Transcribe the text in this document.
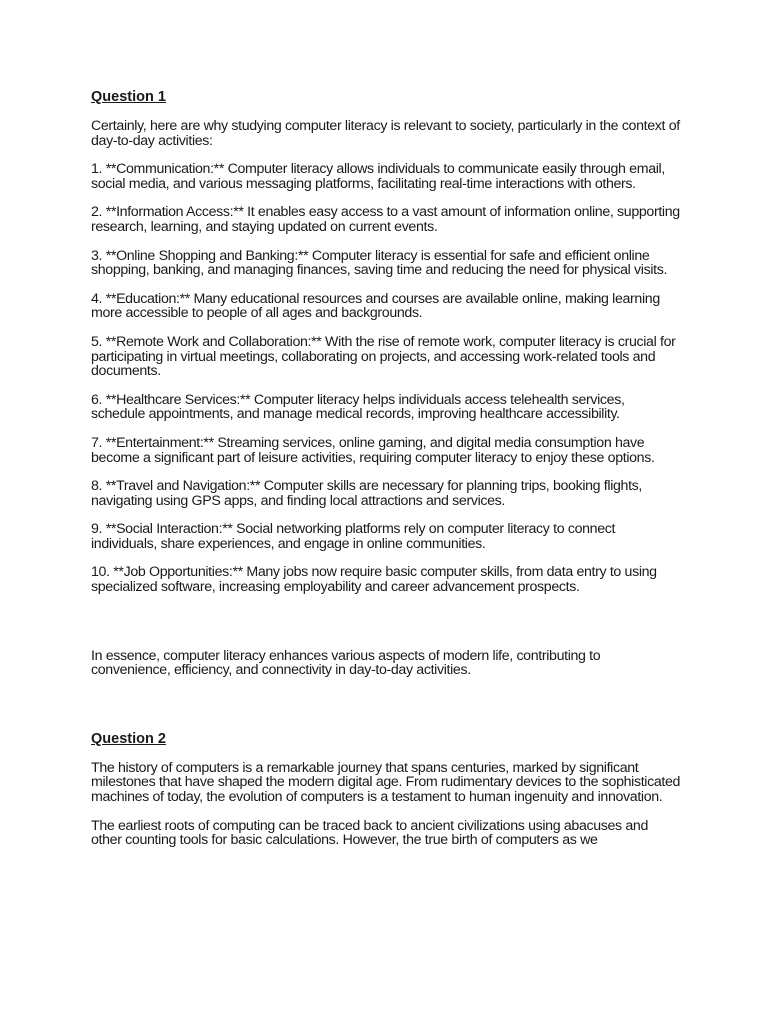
Question 1

Certainly, here are why studying computer literacy is relevant to society, particularly in the context of day-to-day activities:

1. **Communication:** Computer literacy allows individuals to communicate easily through email, social media, and various messaging platforms, facilitating real-time interactions with others.

2. **Information Access:** It enables easy access to a vast amount of information online, supporting research, learning, and staying updated on current events.

3. **Online Shopping and Banking:** Computer literacy is essential for safe and efficient online shopping, banking, and managing finances, saving time and reducing the need for physical visits.

4. **Education:** Many educational resources and courses are available online, making learning more accessible to people of all ages and backgrounds.

5. **Remote Work and Collaboration:** With the rise of remote work, computer literacy is crucial for participating in virtual meetings, collaborating on projects, and accessing work-related tools and documents.

6. **Healthcare Services:** Computer literacy helps individuals access telehealth services, schedule appointments, and manage medical records, improving healthcare accessibility.

7. **Entertainment:** Streaming services, online gaming, and digital media consumption have become a significant part of leisure activities, requiring computer literacy to enjoy these options.

8. **Travel and Navigation:** Computer skills are necessary for planning trips, booking flights, navigating using GPS apps, and finding local attractions and services.

9. **Social Interaction:** Social networking platforms rely on computer literacy to connect individuals, share experiences, and engage in online communities.

10. **Job Opportunities:** Many jobs now require basic computer skills, from data entry to using specialized software, increasing employability and career advancement prospects.

In essence, computer literacy enhances various aspects of modern life, contributing to convenience, efficiency, and connectivity in day-to-day activities.

Question 2

The history of computers is a remarkable journey that spans centuries, marked by significant milestones that have shaped the modern digital age. From rudimentary devices to the sophisticated machines of today, the evolution of computers is a testament to human ingenuity and innovation.

The earliest roots of computing can be traced back to ancient civilizations using abacuses and other counting tools for basic calculations. However, the true birth of computers as we
